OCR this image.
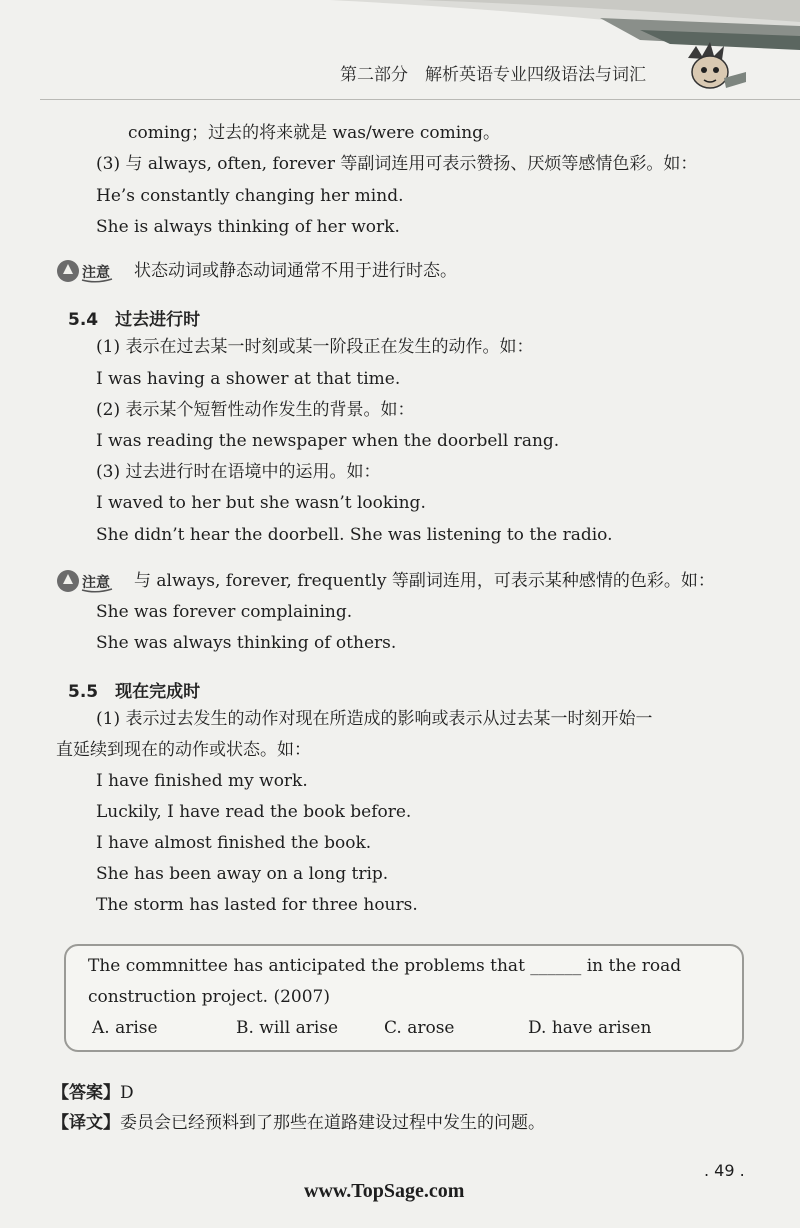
第二部分　解析英语专业四级语法与词汇
coming；过去的将来就是 was/were coming。
(3) 与 always, often, forever 等副词连用可表示赞扬、厌烦等感情色彩。如：
He’s constantly changing her mind.
She is always thinking of her work.
注意 状态动词或静态动词通常不用于进行时态。
5.4　过去进行时
(1) 表示在过去某一时刻或某一阶段正在发生的动作。如：
I was having a shower at that time.
(2) 表示某个短暂性动作发生的背景。如：
I was reading the newspaper when the doorbell rang.
(3) 过去进行时在语境中的运用。如：
I waved to her but she wasn’t looking.
She didn’t hear the doorbell. She was listening to the radio.
注意 与 always, forever, frequently 等副词连用，可表示某种感情的色彩。如：
She was forever complaining.
She was always thinking of others.
5.5　现在完成时
(1) 表示过去发生的动作对现在所造成的影响或表示从过去某一时刻开始一
直延续到现在的动作或状态。如：
I have finished my work.
Luckily, I have read the book before.
I have almost finished the book.
She has been away on a long trip.
The storm has lasted for three hours.
The commnittee has anticipated the problems that ______ in the road
construction project. (2007)
A. arise	B. will arise	C. arose	D. have arisen
【答案】D
【译文】委员会已经预料到了那些在道路建设过程中发生的问题。
. 49 .
www.TopSage.com
